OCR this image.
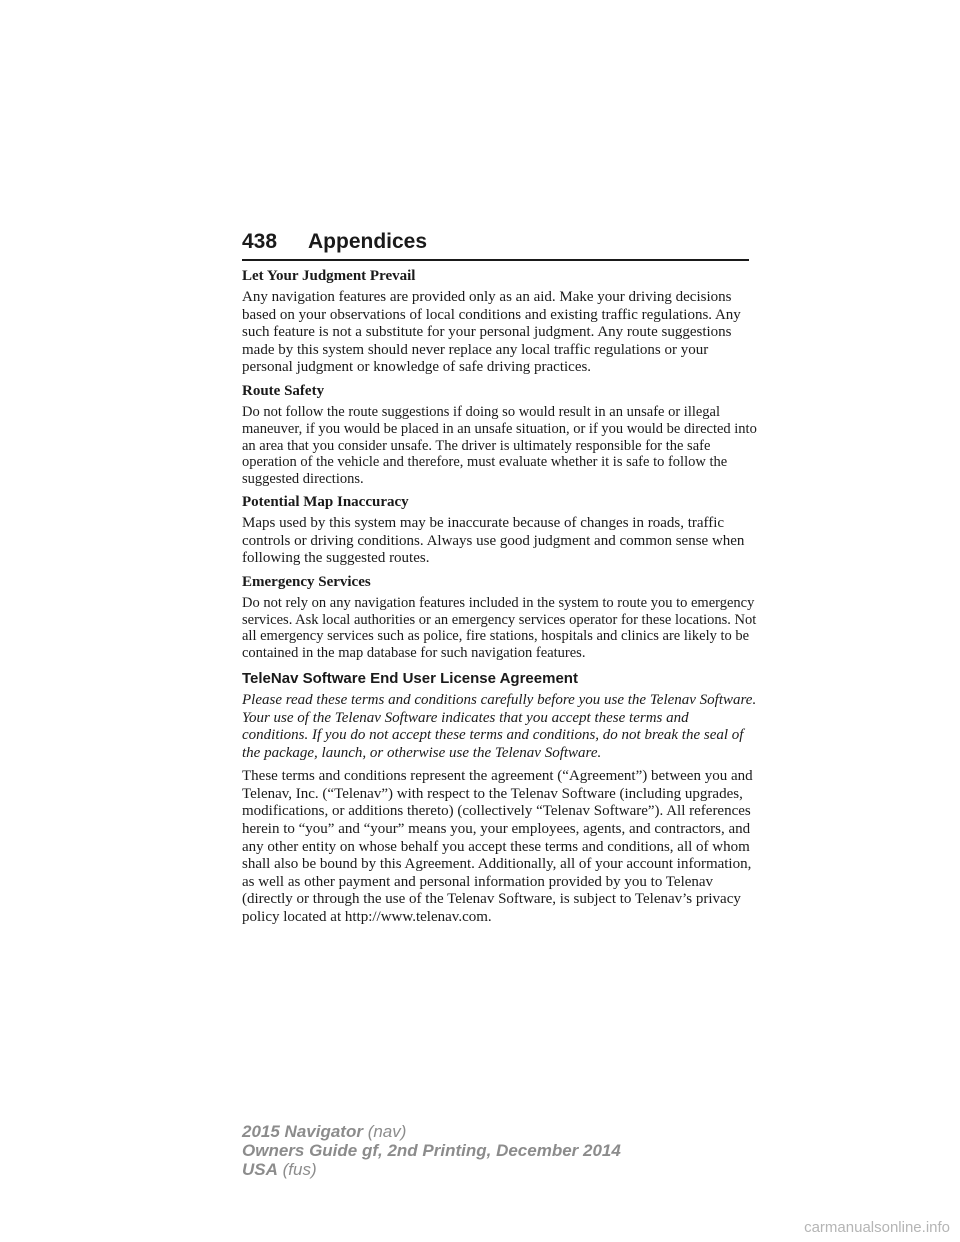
438 Appendices
Let Your Judgment Prevail

Any navigation features are provided only as an aid. Make your driving decisions based on your observations of local conditions and existing traffic regulations. Any such feature is not a substitute for your personal judgment. Any route suggestions made by this system should never replace any local traffic regulations or your personal judgment or knowledge of safe driving practices.

Route Safety

Do not follow the route suggestions if doing so would result in an unsafe or illegal maneuver, if you would be placed in an unsafe situation, or if you would be directed into an area that you consider unsafe. The driver is ultimately responsible for the safe operation of the vehicle and therefore, must evaluate whether it is safe to follow the suggested directions.

Potential Map Inaccuracy

Maps used by this system may be inaccurate because of changes in roads, traffic controls or driving conditions. Always use good judgment and common sense when following the suggested routes.

Emergency Services

Do not rely on any navigation features included in the system to route you to emergency services. Ask local authorities or an emergency services operator for these locations. Not all emergency services such as police, fire stations, hospitals and clinics are likely to be contained in the map database for such navigation features.

TeleNav Software End User License Agreement

Please read these terms and conditions carefully before you use the Telenav Software. Your use of the Telenav Software indicates that you accept these terms and conditions. If you do not accept these terms and conditions, do not break the seal of the package, launch, or otherwise use the Telenav Software.

These terms and conditions represent the agreement (“Agreement”) between you and Telenav, Inc. (“Telenav”) with respect to the Telenav Software (including upgrades, modifications, or additions thereto) (collectively “Telenav Software”). All references herein to “you” and “your” means you, your employees, agents, and contractors, and any other entity on whose behalf you accept these terms and conditions, all of whom shall also be bound by this Agreement. Additionally, all of your account information, as well as other payment and personal information provided by you to Telenav (directly or through the use of the Telenav Software, is subject to Telenav’s privacy policy located at http://www.telenav.com.

2015 Navigator (nav)
Owners Guide gf, 2nd Printing, December 2014
USA (fus)
carmanualsonline.info
